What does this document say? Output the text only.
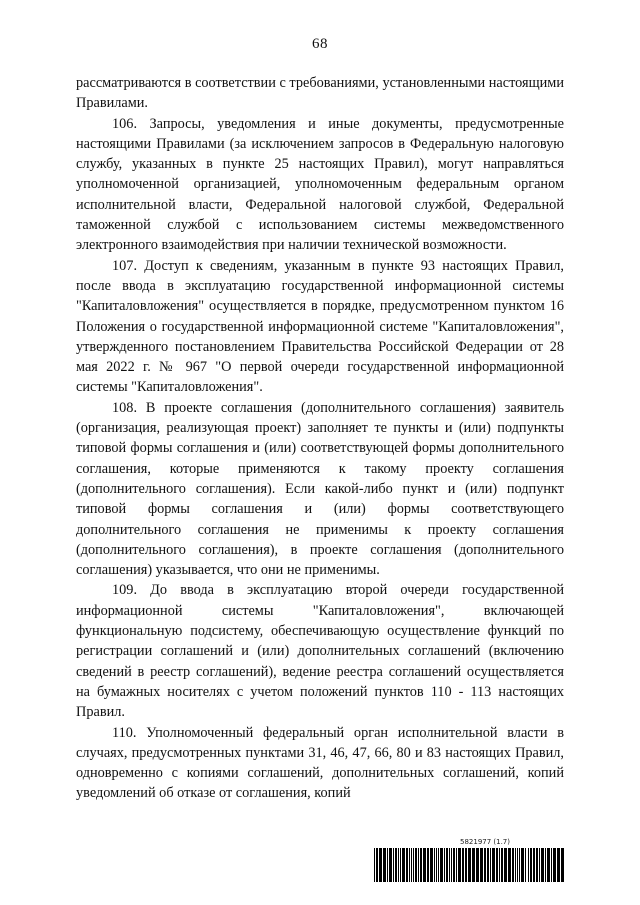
68

рассматриваются в соответствии с требованиями, установленными настоящими Правилами.

106. Запросы, уведомления и иные документы, предусмотренные настоящими Правилами (за исключением запросов в Федеральную налоговую службу, указанных в пункте 25 настоящих Правил), могут направляться уполномоченной организацией, уполномоченным федеральным органом исполнительной власти, Федеральной налоговой службой, Федеральной таможенной службой с использованием системы межведомственного электронного взаимодействия при наличии технической возможности.

107. Доступ к сведениям, указанным в пункте 93 настоящих Правил, после ввода в эксплуатацию государственной информационной системы "Капиталовложения" осуществляется в порядке, предусмотренном пунктом 16 Положения о государственной информационной системе "Капиталовложения", утвержденного постановлением Правительства Российской Федерации от 28 мая 2022 г. № 967 "О первой очереди государственной информационной системы "Капиталовложения".

108. В проекте соглашения (дополнительного соглашения) заявитель (организация, реализующая проект) заполняет те пункты и (или) подпункты типовой формы соглашения и (или) соответствующей формы дополнительного соглашения, которые применяются к такому проекту соглашения (дополнительного соглашения). Если какой-либо пункт и (или) подпункт типовой формы соглашения и (или) формы соответствующего дополнительного соглашения не применимы к проекту соглашения (дополнительного соглашения), в проекте соглашения (дополнительного соглашения) указывается, что они не применимы.

109. До ввода в эксплуатацию второй очереди государственной информационной системы "Капиталовложения", включающей функциональную подсистему, обеспечивающую осуществление функций по регистрации соглашений и (или) дополнительных соглашений (включению сведений в реестр соглашений), ведение реестра соглашений осуществляется на бумажных носителях с учетом положений пунктов 110 - 113 настоящих Правил.

110. Уполномоченный федеральный орган исполнительной власти в случаях, предусмотренных пунктами 31, 46, 47, 66, 80 и 83 настоящих Правил, одновременно с копиями соглашений, дополнительных соглашений, копий уведомлений об отказе от соглашения, копий

5821977 (1.7)
